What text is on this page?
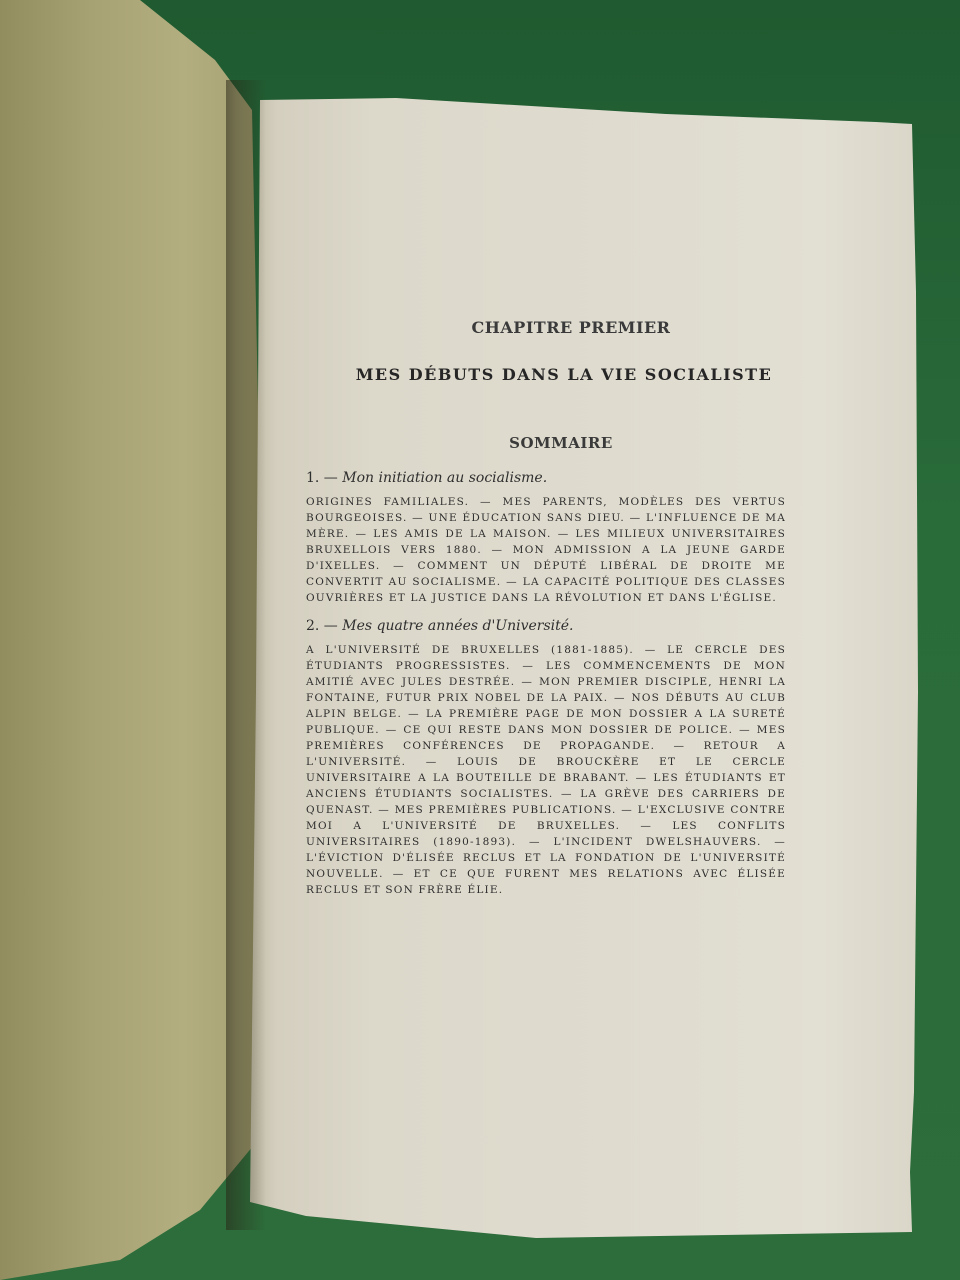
CHAPITRE PREMIER
MES DÉBUTS DANS LA VIE SOCIALISTE
SOMMAIRE

1. — Mon initiation au socialisme.

ORIGINES FAMILIALES. — MES PARENTS, MODÈLES DES VERTUS BOURGEOISES. — UNE ÉDUCATION SANS DIEU. — L'INFLUENCE DE MA MÈRE. — LES AMIS DE LA MAISON. — LES MILIEUX UNIVERSITAIRES BRUXELLOIS VERS 1880. — MON ADMISSION A LA JEUNE GARDE D'IXELLES. — COMMENT UN DÉPUTÉ LIBÉRAL DE DROITE ME CONVERTIT AU SOCIALISME. — LA CAPACITÉ POLITIQUE DES CLASSES OUVRIÈRES ET LA JUSTICE DANS LA RÉVOLUTION ET DANS L'ÉGLISE.

2. — Mes quatre années d'Université.

A L'UNIVERSITÉ DE BRUXELLES (1881-1885). — LE CERCLE DES ÉTUDIANTS PROGRESSISTES. — LES COMMENCEMENTS DE MON AMITIÉ AVEC JULES DESTRÉE. — MON PREMIER DISCIPLE, HENRI LA FONTAINE, FUTUR PRIX NOBEL DE LA PAIX. — NOS DÉBUTS AU CLUB ALPIN BELGE. — LA PREMIÈRE PAGE DE MON DOSSIER A LA SURETÉ PUBLIQUE. — CE QUI RESTE DANS MON DOSSIER DE POLICE. — MES PREMIÈRES CONFÉRENCES DE PROPAGANDE. — RETOUR A L'UNIVERSITÉ. — LOUIS DE BROUCKÈRE ET LE CERCLE UNIVERSITAIRE A LA BOUTEILLE DE BRABANT. — LES ÉTUDIANTS ET ANCIENS ÉTUDIANTS SOCIALISTES. — LA GRÈVE DES CARRIERS DE QUENAST. — MES PREMIÈRES PUBLICATIONS. — L'EXCLUSIVE CONTRE MOI A L'UNIVERSITÉ DE BRUXELLES. — LES CONFLITS UNIVERSITAIRES (1890-1893). — L'INCIDENT DWELSHAUVERS. — L'ÉVICTION D'ÉLISÉE RECLUS ET LA FONDATION DE L'UNIVERSITÉ NOUVELLE. — ET CE QUE FURENT MES RELATIONS AVEC ÉLISÉE RECLUS ET SON FRÈRE ÉLIE.
